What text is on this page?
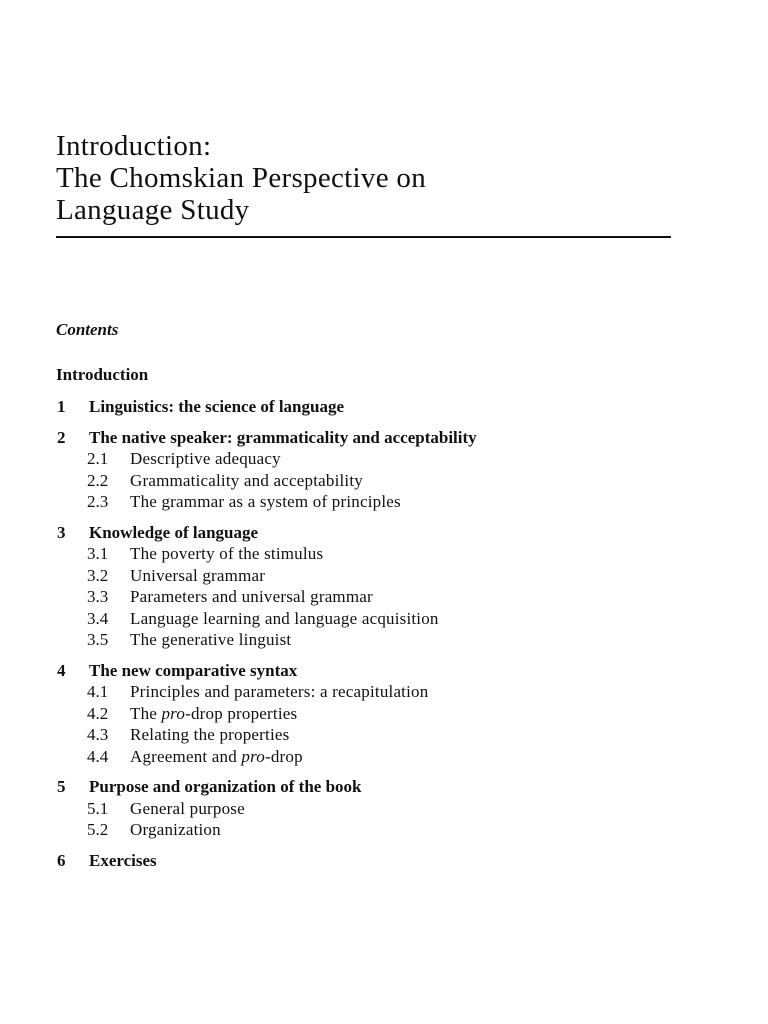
Introduction:
The Chomskian Perspective on
Language Study
Contents
Introduction
1	Linguistics: the science of language
2	The native speaker: grammaticality and acceptability
2.1	Descriptive adequacy
2.2	Grammaticality and acceptability
2.3	The grammar as a system of principles
3	Knowledge of language
3.1	The poverty of the stimulus
3.2	Universal grammar
3.3	Parameters and universal grammar
3.4	Language learning and language acquisition
3.5	The generative linguist
4	The new comparative syntax
4.1	Principles and parameters: a recapitulation
4.2	The pro-drop properties
4.3	Relating the properties
4.4	Agreement and pro-drop
5	Purpose and organization of the book
5.1	General purpose
5.2	Organization
6	Exercises
